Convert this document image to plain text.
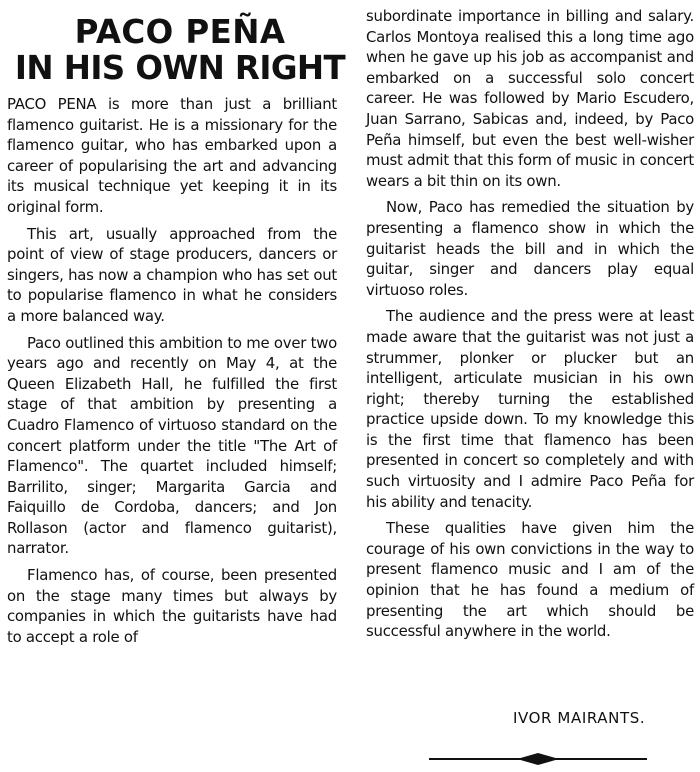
PACO PEÑA
IN HIS OWN RIGHT

PACO PENA is more than just a brilliant flamenco guitarist. He is a missionary for the flamenco guitar, who has embarked upon a career of popularising the art and advancing its musical technique yet keeping it in its original form.

This art, usually approached from the point of view of stage producers, dancers or singers, has now a champion who has set out to popularise flamenco in what he considers a more balanced way.

Paco outlined this ambition to me over two years ago and recently on May 4, at the Queen Elizabeth Hall, he fulfilled the first stage of that ambition by presenting a Cuadro Flamenco of virtuoso standard on the concert platform under the title "The Art of Flamenco". The quartet included himself; Barrilito, singer; Margarita Garcia and Faiquillo de Cordoba, dancers; and Jon Rollason (actor and flamenco guitarist), narrator.

Flamenco has, of course, been presented on the stage many times but always by companies in which the guitarists have had to accept a role of

subordinate importance in billing and salary. Carlos Montoya realised this a long time ago when he gave up his job as accompanist and embarked on a successful solo concert career. He was followed by Mario Escudero, Juan Sarrano, Sabicas and, indeed, by Paco Peña himself, but even the best well-wisher must admit that this form of music in concert wears a bit thin on its own.

Now, Paco has remedied the situation by presenting a flamenco show in which the guitarist heads the bill and in which the guitar, singer and dancers play equal virtuoso roles.

The audience and the press were at least made aware that the guitarist was not just a strummer, plonker or plucker but an intelligent, articulate musician in his own right; thereby turning the established practice upside down. To my knowledge this is the first time that flamenco has been presented in concert so completely and with such virtuosity and I admire Paco Peña for his ability and tenacity.

These qualities have given him the courage of his own convictions in the way to present flamenco music and I am of the opinion that he has found a medium of presenting the art which should be successful anywhere in the world.

IVOR MAIRANTS.
